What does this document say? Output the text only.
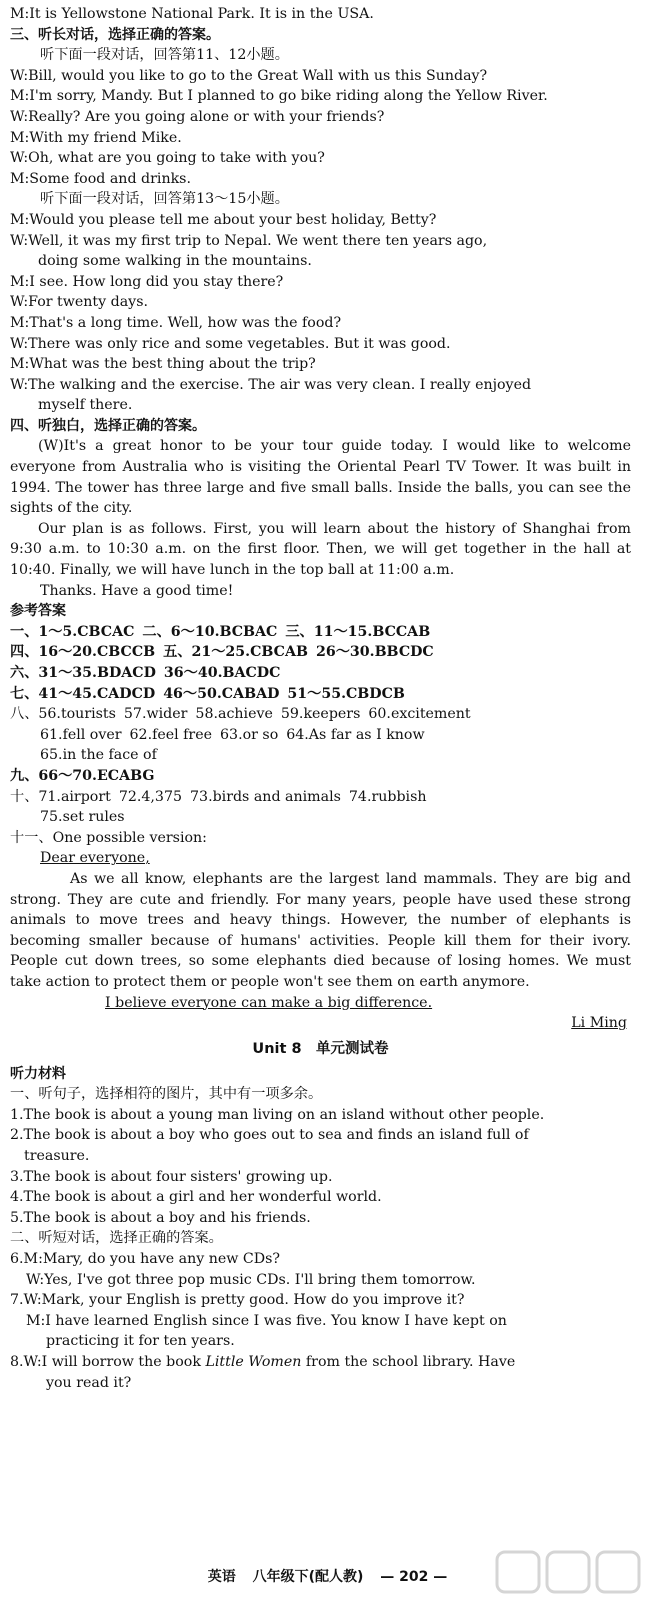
M:It is Yellowstone National Park. It is in the USA.
三、听长对话，选择正确的答案。
听下面一段对话，回答第11、12小题。
W:Bill, would you like to go to the Great Wall with us this Sunday?
M:I'm sorry, Mandy. But I planned to go bike riding along the Yellow River.
W:Really? Are you going alone or with your friends?
M:With my friend Mike.
W:Oh, what are you going to take with you?
M:Some food and drinks.
听下面一段对话，回答第13～15小题。
M:Would you please tell me about your best holiday, Betty?
W:Well, it was my first trip to Nepal. We went there ten years ago,
doing some walking in the mountains.
M:I see. How long did you stay there?
W:For twenty days.
M:That's a long time. Well, how was the food?
W:There was only rice and some vegetables. But it was good.
M:What was the best thing about the trip?
W:The walking and the exercise. The air was very clean. I really enjoyed
myself there.
四、听独白，选择正确的答案。
(W)It's a great honor to be your tour guide today. I would like to welcome everyone from Australia who is visiting the Oriental Pearl TV Tower. It was built in 1994. The tower has three large and five small balls. Inside the balls, you can see the sights of the city.
Our plan is as follows. First, you will learn about the history of Shanghai from 9:30 a.m. to 10:30 a.m. on the first floor. Then, we will get together in the hall at 10:40. Finally, we will have lunch in the top ball at 11:00 a.m.
Thanks. Have a good time!
参考答案
一、1～5.CBCAC 二、6～10.BCBAC 三、11～15.BCCAB
四、16～20.CBCCB 五、21～25.CBCAB 26～30.BBCDC
六、31～35.BDACD 36～40.BACDC
七、41～45.CADCD 46～50.CABAD 51～55.CBDCB
八、56.tourists 57.wider 58.achieve 59.keepers 60.excitement
61.fell over 62.feel free 63.or so 64.As far as I know
65.in the face of
九、66～70.ECABG
十、71.airport 72.4,375 73.birds and animals 74.rubbish
75.set rules
十一、One possible version:
Dear everyone,
As we all know, elephants are the largest land mammals. They are big and strong. They are cute and friendly. For many years, people have used these strong animals to move trees and heavy things. However, the number of elephants is becoming smaller because of humans' activities. People kill them for their ivory. People cut down trees, so some elephants died because of losing homes. We must take action to protect them or people won't see them on earth anymore.
I believe everyone can make a big difference.
Li Ming
Unit 8　单元测试卷
听力材料
一、听句子，选择相符的图片，其中有一项多余。
1.The book is about a young man living on an island without other people.
2.The book is about a boy who goes out to sea and finds an island full of
treasure.
3.The book is about four sisters' growing up.
4.The book is about a girl and her wonderful world.
5.The book is about a boy and his friends.
二、听短对话，选择正确的答案。
6.M:Mary, do you have any new CDs?
W:Yes, I've got three pop music CDs. I'll bring them tomorrow.
7.W:Mark, your English is pretty good. How do you improve it?
M:I have learned English since I was five. You know I have kept on
practicing it for ten years.
8.W:I will borrow the book Little Women from the school library. Have
you read it?
英语 八年级下(配人教) — 202 —
